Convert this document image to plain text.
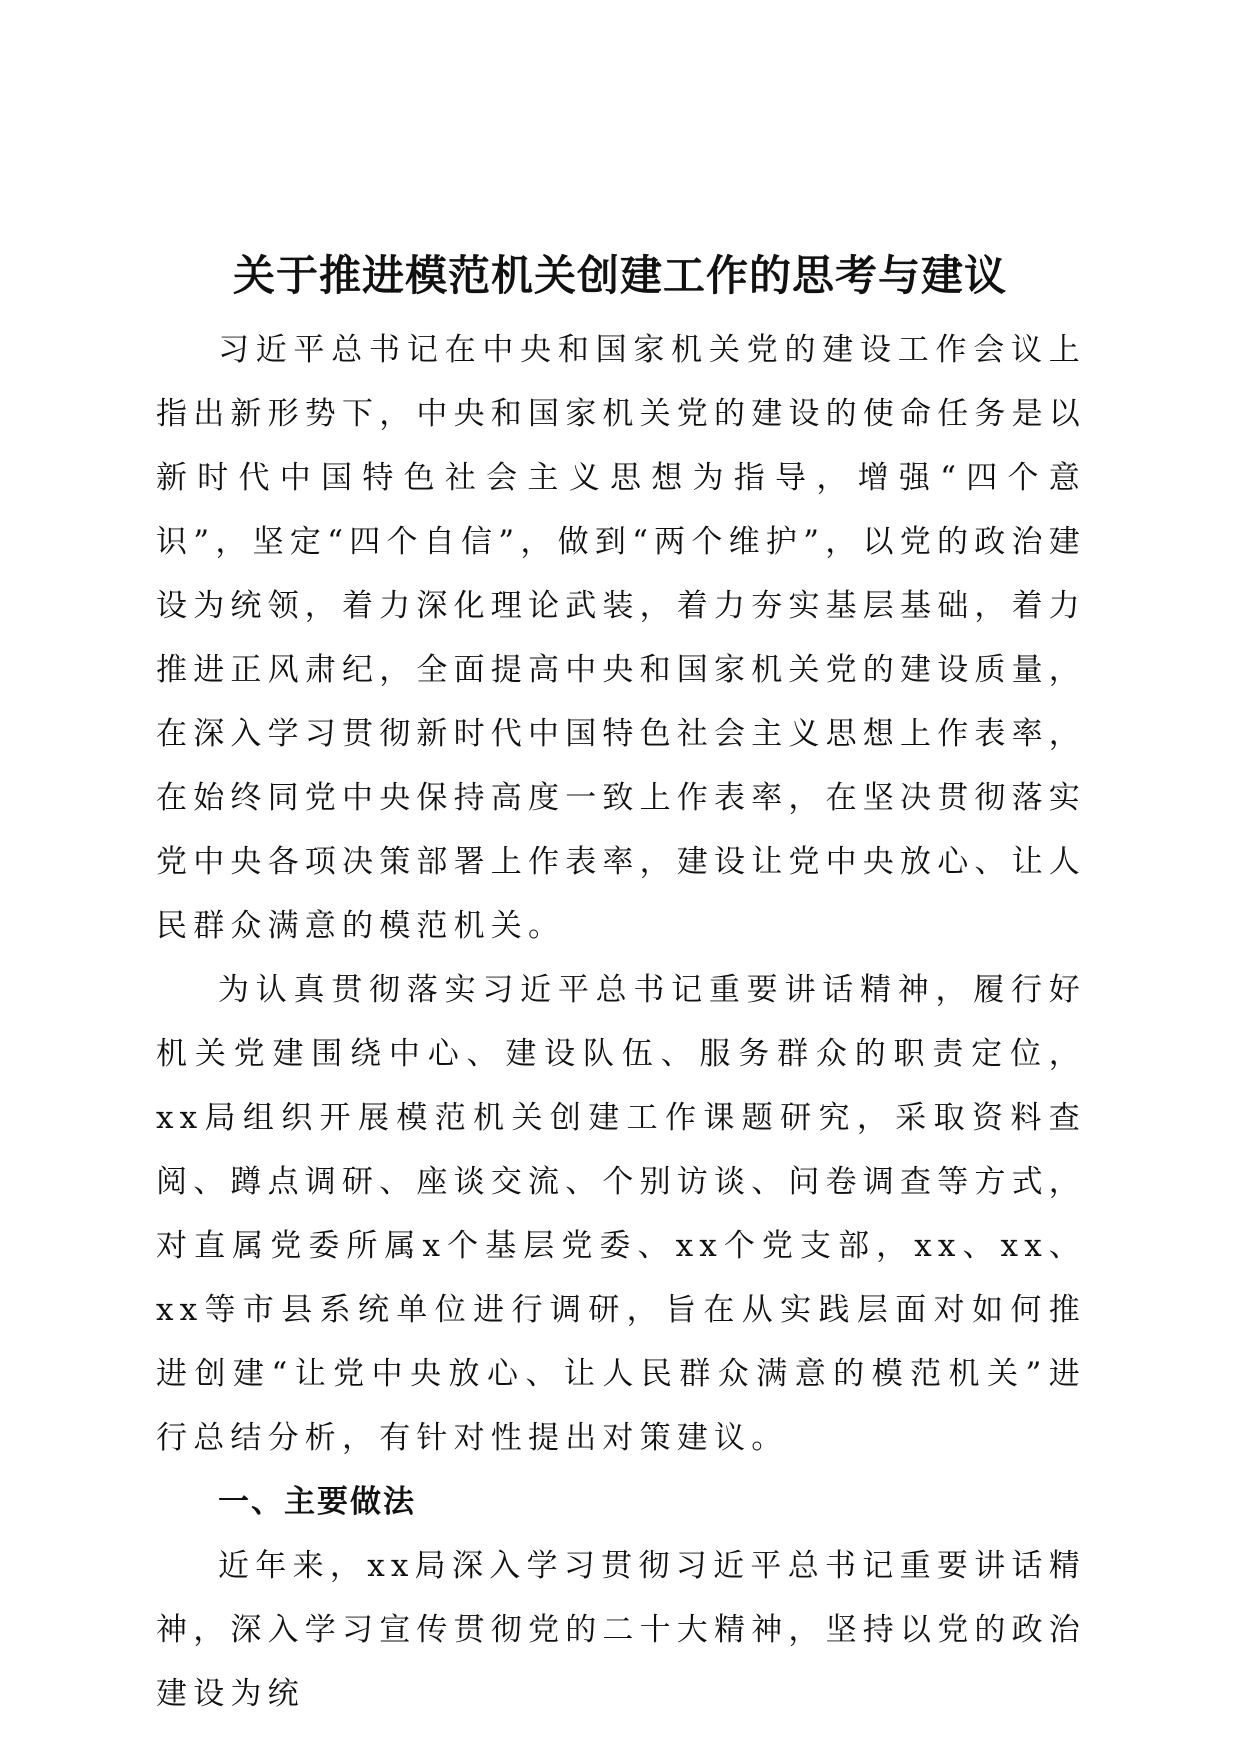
关于推进模范机关创建工作的思考与建议

习近平总书记在中央和国家机关党的建设工作会议上指出新形势下，中央和国家机关党的建设的使命任务是以新时代中国特色社会主义思想为指导，增强“四个意识”，坚定“四个自信”，做到“两个维护”，以党的政治建设为统领，着力深化理论武装，着力夯实基层基础，着力推进正风肃纪，全面提高中央和国家机关党的建设质量，在深入学习贯彻新时代中国特色社会主义思想上作表率，在始终同党中央保持高度一致上作表率，在坚决贯彻落实党中央各项决策部署上作表率，建设让党中央放心、让人民群众满意的模范机关。

为认真贯彻落实习近平总书记重要讲话精神，履行好机关党建围绕中心、建设队伍、服务群众的职责定位，xx局组织开展模范机关创建工作课题研究，采取资料查阅、蹲点调研、座谈交流、个别访谈、问卷调查等方式，对直属党委所属x个基层党委、xx个党支部，xx、xx、xx等市县系统单位进行调研，旨在从实践层面对如何推进创建“让党中央放心、让人民群众满意的模范机关”进行总结分析，有针对性提出对策建议。

一、主要做法

近年来，xx局深入学习贯彻习近平总书记重要讲话精神，深入学习宣传贯彻党的二十大精神，坚持以党的政治建设为统
